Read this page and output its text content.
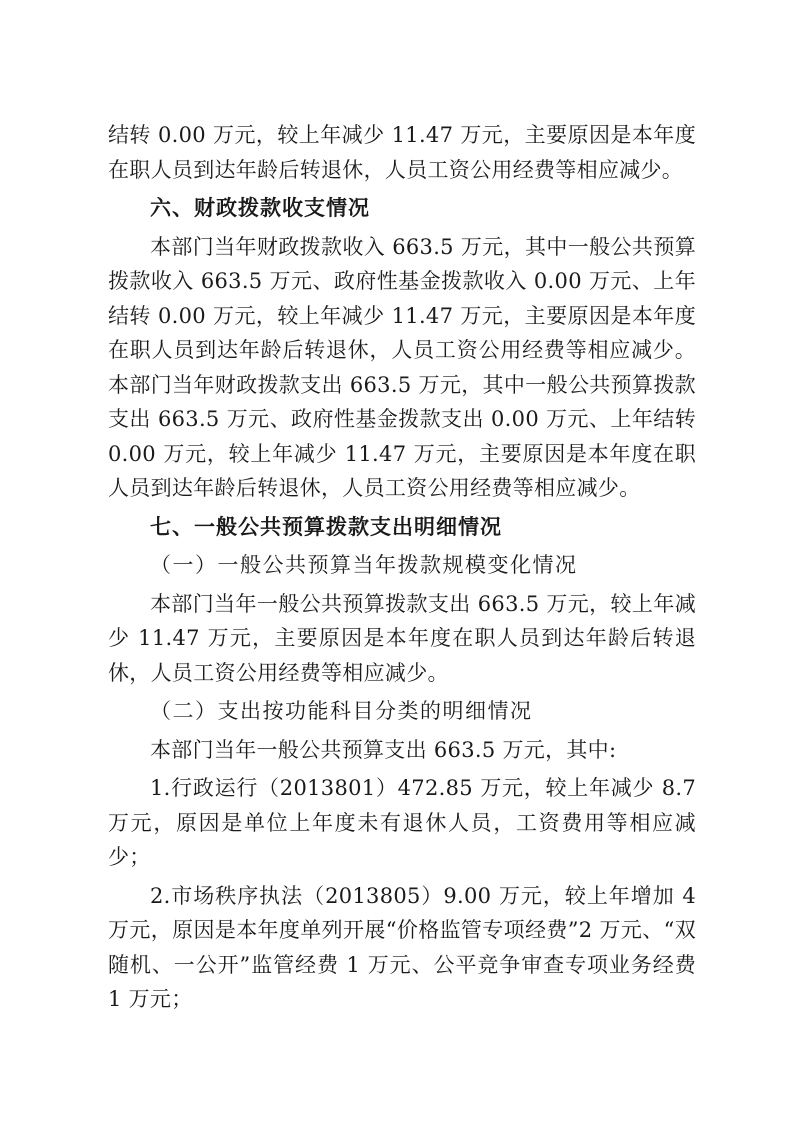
结转 0.00 万元，较上年减少 11.47 万元，主要原因是本年度在职人员到达年龄后转退休，人员工资公用经费等相应减少。

六、财政拨款收支情况

本部门当年财政拨款收入 663.5 万元，其中一般公共预算拨款收入 663.5 万元、政府性基金拨款收入 0.00 万元、上年结转 0.00 万元，较上年减少 11.47 万元，主要原因是本年度在职人员到达年龄后转退休，人员工资公用经费等相应减少。本部门当年财政拨款支出 663.5 万元，其中一般公共预算拨款支出 663.5 万元、政府性基金拨款支出 0.00 万元、上年结转 0.00 万元，较上年减少 11.47 万元，主要原因是本年度在职人员到达年龄后转退休，人员工资公用经费等相应减少。

七、一般公共预算拨款支出明细情况

（一）一般公共预算当年拨款规模变化情况

本部门当年一般公共预算拨款支出 663.5 万元，较上年减少 11.47 万元，主要原因是本年度在职人员到达年龄后转退休，人员工资公用经费等相应减少。

（二）支出按功能科目分类的明细情况

本部门当年一般公共预算支出 663.5 万元，其中:

1.行政运行（2013801）472.85 万元，较上年减少 8.7 万元，原因是单位上年度未有退休人员，工资费用等相应减少；

2.市场秩序执法（2013805）9.00 万元，较上年增加 4 万元，原因是本年度单列开展“价格监管专项经费”2 万元、“双随机、一公开”监管经费 1 万元、公平竞争审查专项业务经费 1 万元；
